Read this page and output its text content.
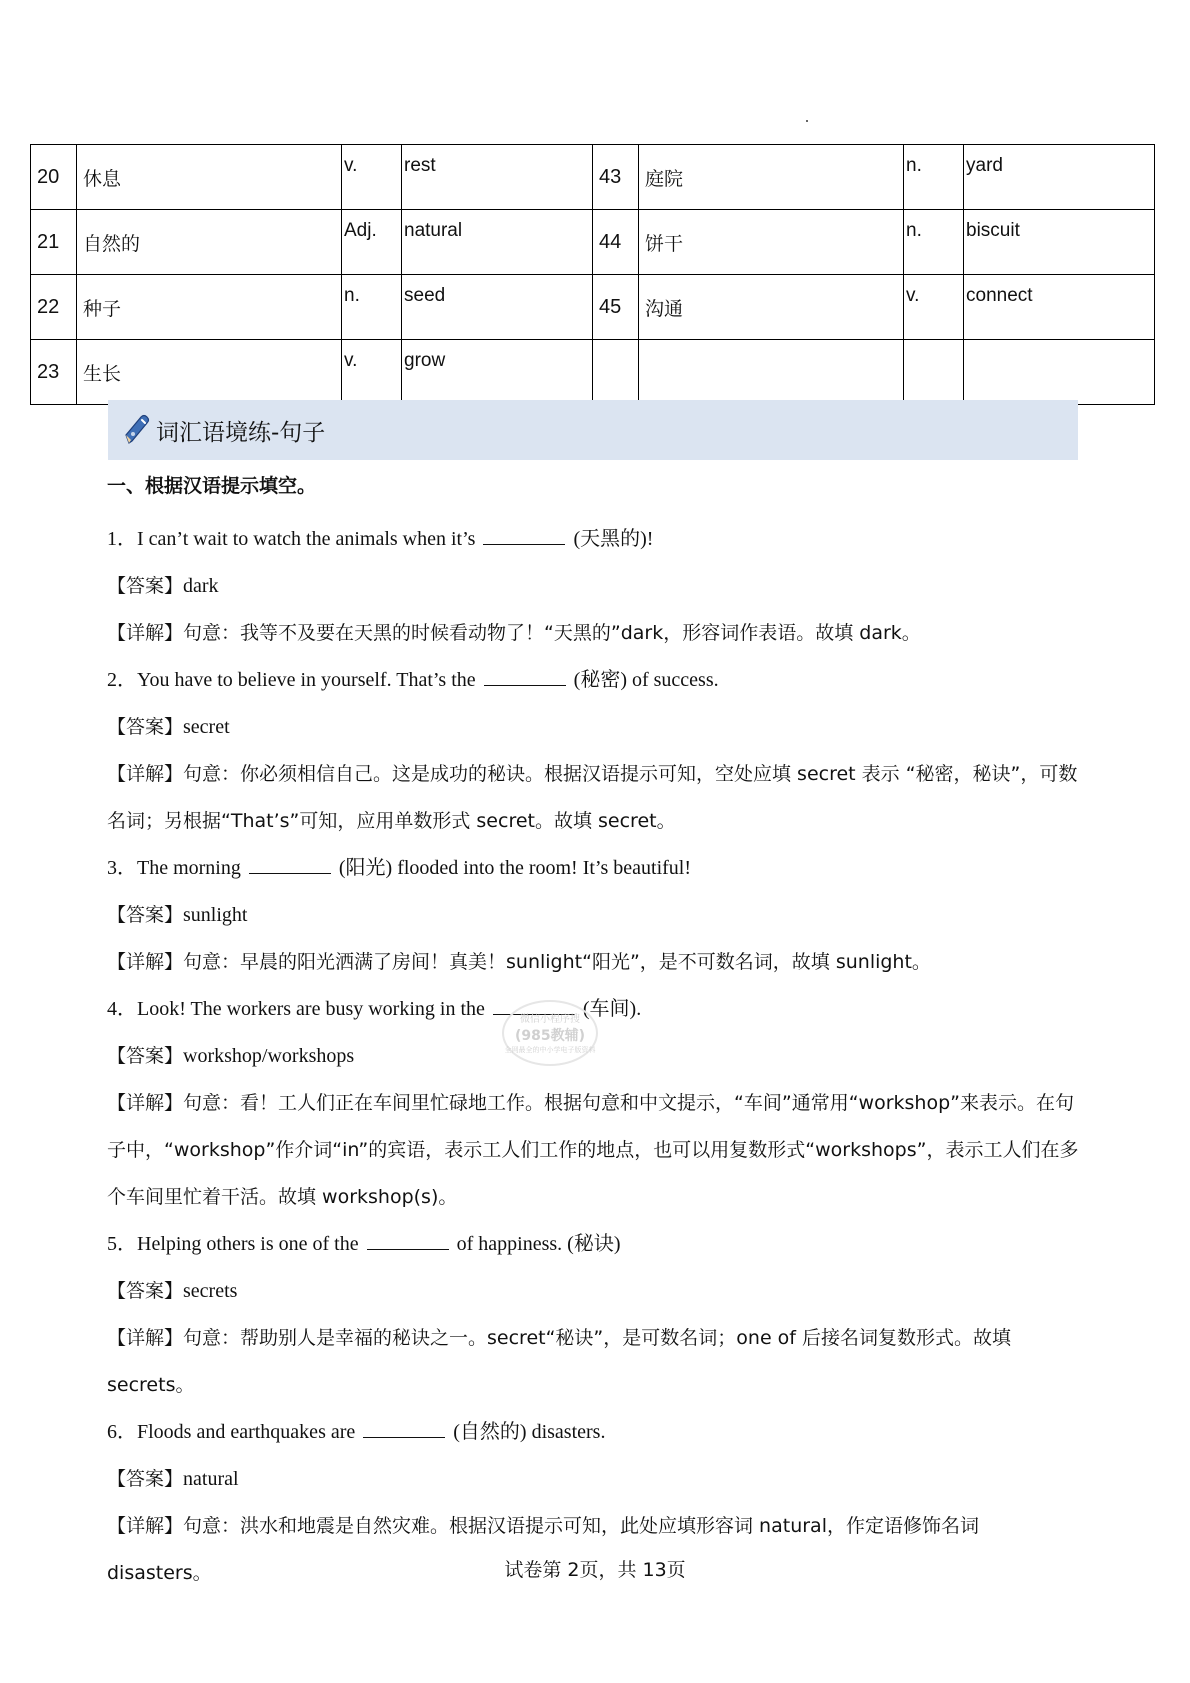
20	休息	v.	rest	43	庭院	n.	yard
21	自然的	Adj.	natural	44	饼干	n.	biscuit
22	种子	n.	seed	45	沟通	v.	connect
23	生长	v.	grow				
词汇语境练-句子
一、根据汉语提示填空。
1．I can’t wait to watch the animals when it’s	(天黑的)!
【答案】dark
【详解】句意：我等不及要在天黑的时候看动物了！“天黑的”dark，形容词作表语。故填 dark。
2．You have to believe in yourself. That’s the	(秘密) of success.
【答案】secret
【详解】句意：你必须相信自己。这是成功的秘诀。根据汉语提示可知，空处应填 secret 表示 “秘密，秘诀”，可数名词；另根据“That’s”可知，应用单数形式 secret。故填 secret。
3．The morning	(阳光) flooded into the room! It’s beautiful!
【答案】sunlight
【详解】句意：早晨的阳光洒满了房间！真美！sunlight“阳光”，是不可数名词，故填 sunlight。
4．Look! The workers are busy working in the	(车间).
【答案】workshop/workshops
【详解】句意：看！工人们正在车间里忙碌地工作。根据句意和中文提示，“车间”通常用“workshop”来表示。在句子中，“workshop”作介词“in”的宾语，表示工人们工作的地点，也可以用复数形式“workshops”，表示工人们在多个车间里忙着干活。故填 workshop(s)。
5．Helping others is one of the	of happiness. (秘诀)
【答案】secrets
【详解】句意：帮助别人是幸福的秘诀之一。secret“秘诀”，是可数名词；one of 后接名词复数形式。故填 secrets。
6．Floods and earthquakes are	(自然的) disasters.
【答案】natural
【详解】句意：洪水和地震是自然灾难。根据汉语提示可知，此处应填形容词 natural，作定语修饰名词 disasters。
微信小程序搜
(985教辅)
全网最全的中小学电子版资料
试卷第 2页，共 13页
